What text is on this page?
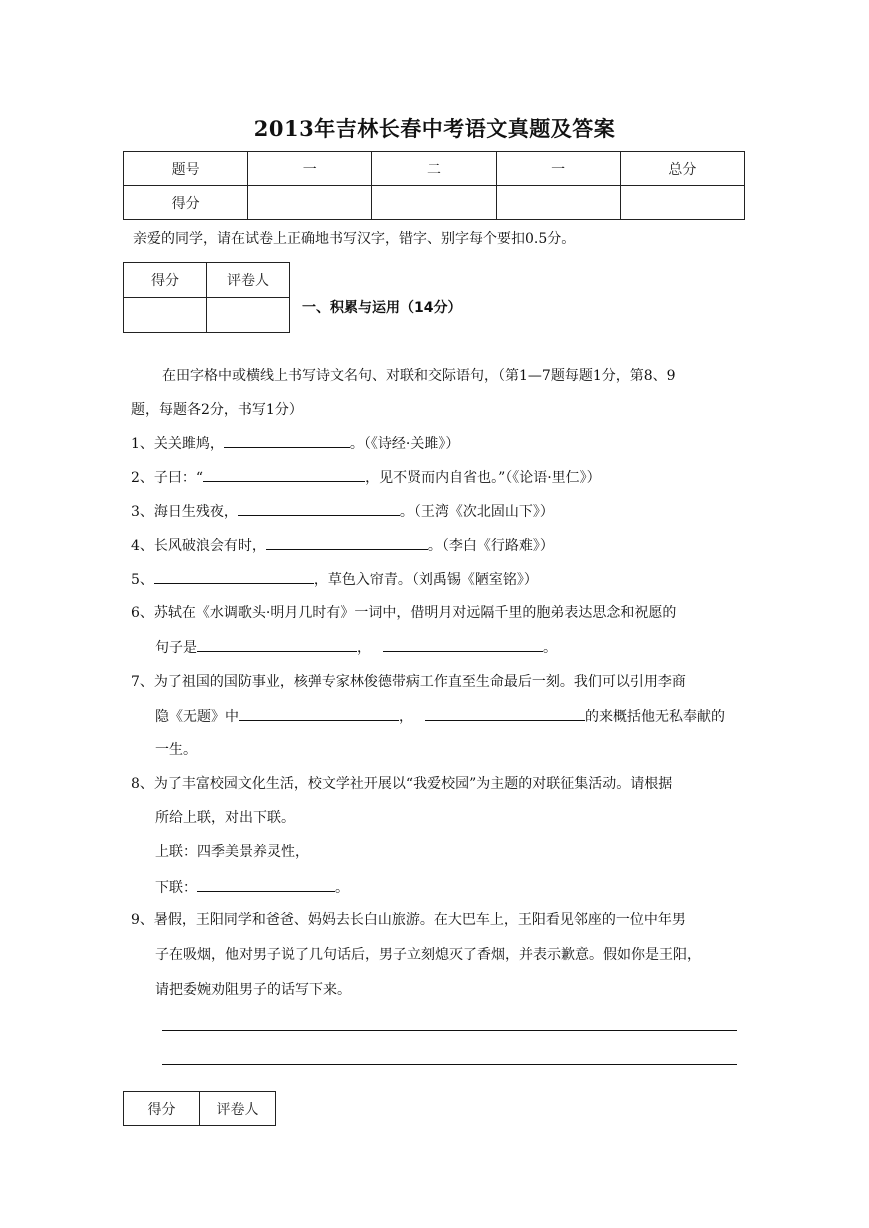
2013年吉林长春中考语文真题及答案
题号	一	二	一	总分
得分				
亲爱的同学，请在试卷上正确地书写汉字，错字、别字每个要扣0.5分。
得分	评卷人

一、积累与运用（14分）
在田字格中或横线上书写诗文名句、对联和交际语句，（第1—7题每题1分，第8、9
题，每题各2分，书写1分）
1、关关雎鸠，	。（《诗经·关雎》）
2、子曰：“	，见不贤而内自省也。”（《论语·里仁》）
3、海日生残夜，	。（王湾《次北固山下》）
4、长风破浪会有时，	。（李白《行路难》）
5、	，草色入帘青。（刘禹锡《陋室铭》）
6、苏轼在《水调歌头·明月几时有》一词中，借明月对远隔千里的胞弟表达思念和祝愿的
句子是	，	。
7、为了祖国的国防事业，核弹专家林俊德带病工作直至生命最后一刻。我们可以引用李商
隐《无题》中	，	的来概括他无私奉献的
一生。
8、为了丰富校园文化生活，校文学社开展以“我爱校园”为主题的对联征集活动。请根据
所给上联，对出下联。
上联：四季美景养灵性，
下联：	。
9、暑假，王阳同学和爸爸、妈妈去长白山旅游。在大巴车上，王阳看见邻座的一位中年男
子在吸烟，他对男子说了几句话后，男子立刻熄灭了香烟，并表示歉意。假如你是王阳，
请把委婉劝阻男子的话写下来。
得分	评卷人
